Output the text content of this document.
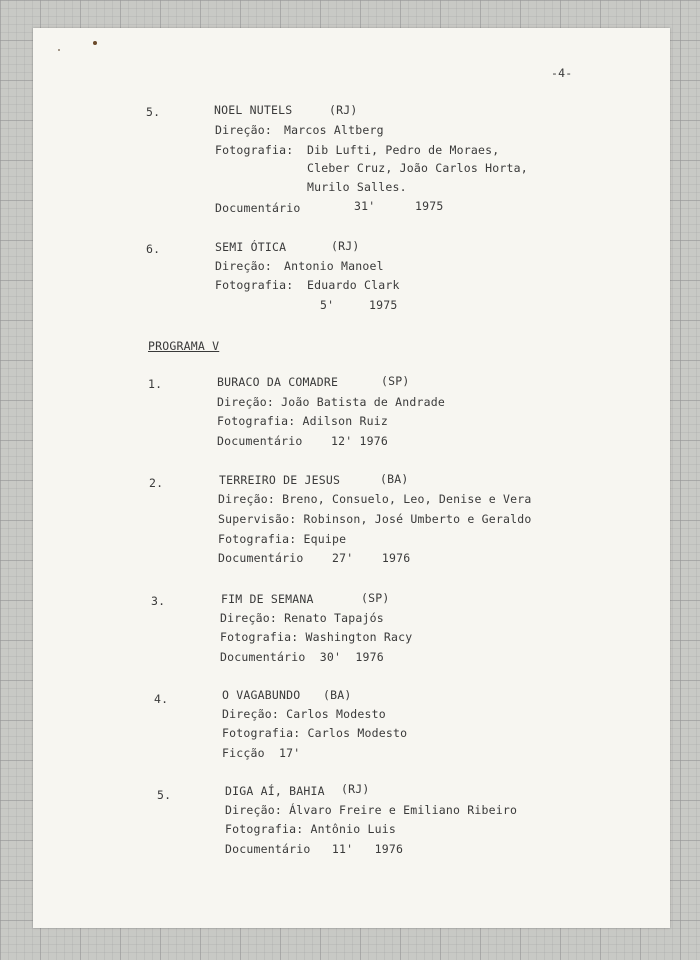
-4-
5.	NOEL NUTELS	(RJ)
Direção: Marcos Altberg
Fotografia: Dib Lufti, Pedro de Moraes,
Cleber Cruz, João Carlos Horta,
Murilo Salles.
Documentário	31'	1975
6.	SEMI ÓTICA	(RJ)
Direção: Antonio Manoel
Fotografia: Eduardo Clark
5'	1975
PROGRAMA V
1.	BURACO DA COMADRE	(SP)
Direção: João Batista de Andrade
Fotografia: Adilson Ruiz
Documentário    12' 1976
2.	TERREIRO DE JESUS	(BA)
Direção: Breno, Consuelo, Leo, Denise e Vera
Supervisão: Robinson, José Umberto e Geraldo
Fotografia: Equipe
Documentário    27'    1976
3.	FIM DE SEMANA	(SP)
Direção: Renato Tapajós
Fotografia: Washington Racy
Documentário  30'  1976
4.	O VAGABUNDO (BA)
Direção: Carlos Modesto
Fotografia: Carlos Modesto
Ficção  17'
5.	DIGA AÍ, BAHIA (RJ)
Direção: Álvaro Freire e Emiliano Ribeiro
Fotografia: Antônio Luis
Documentário   11'   1976
